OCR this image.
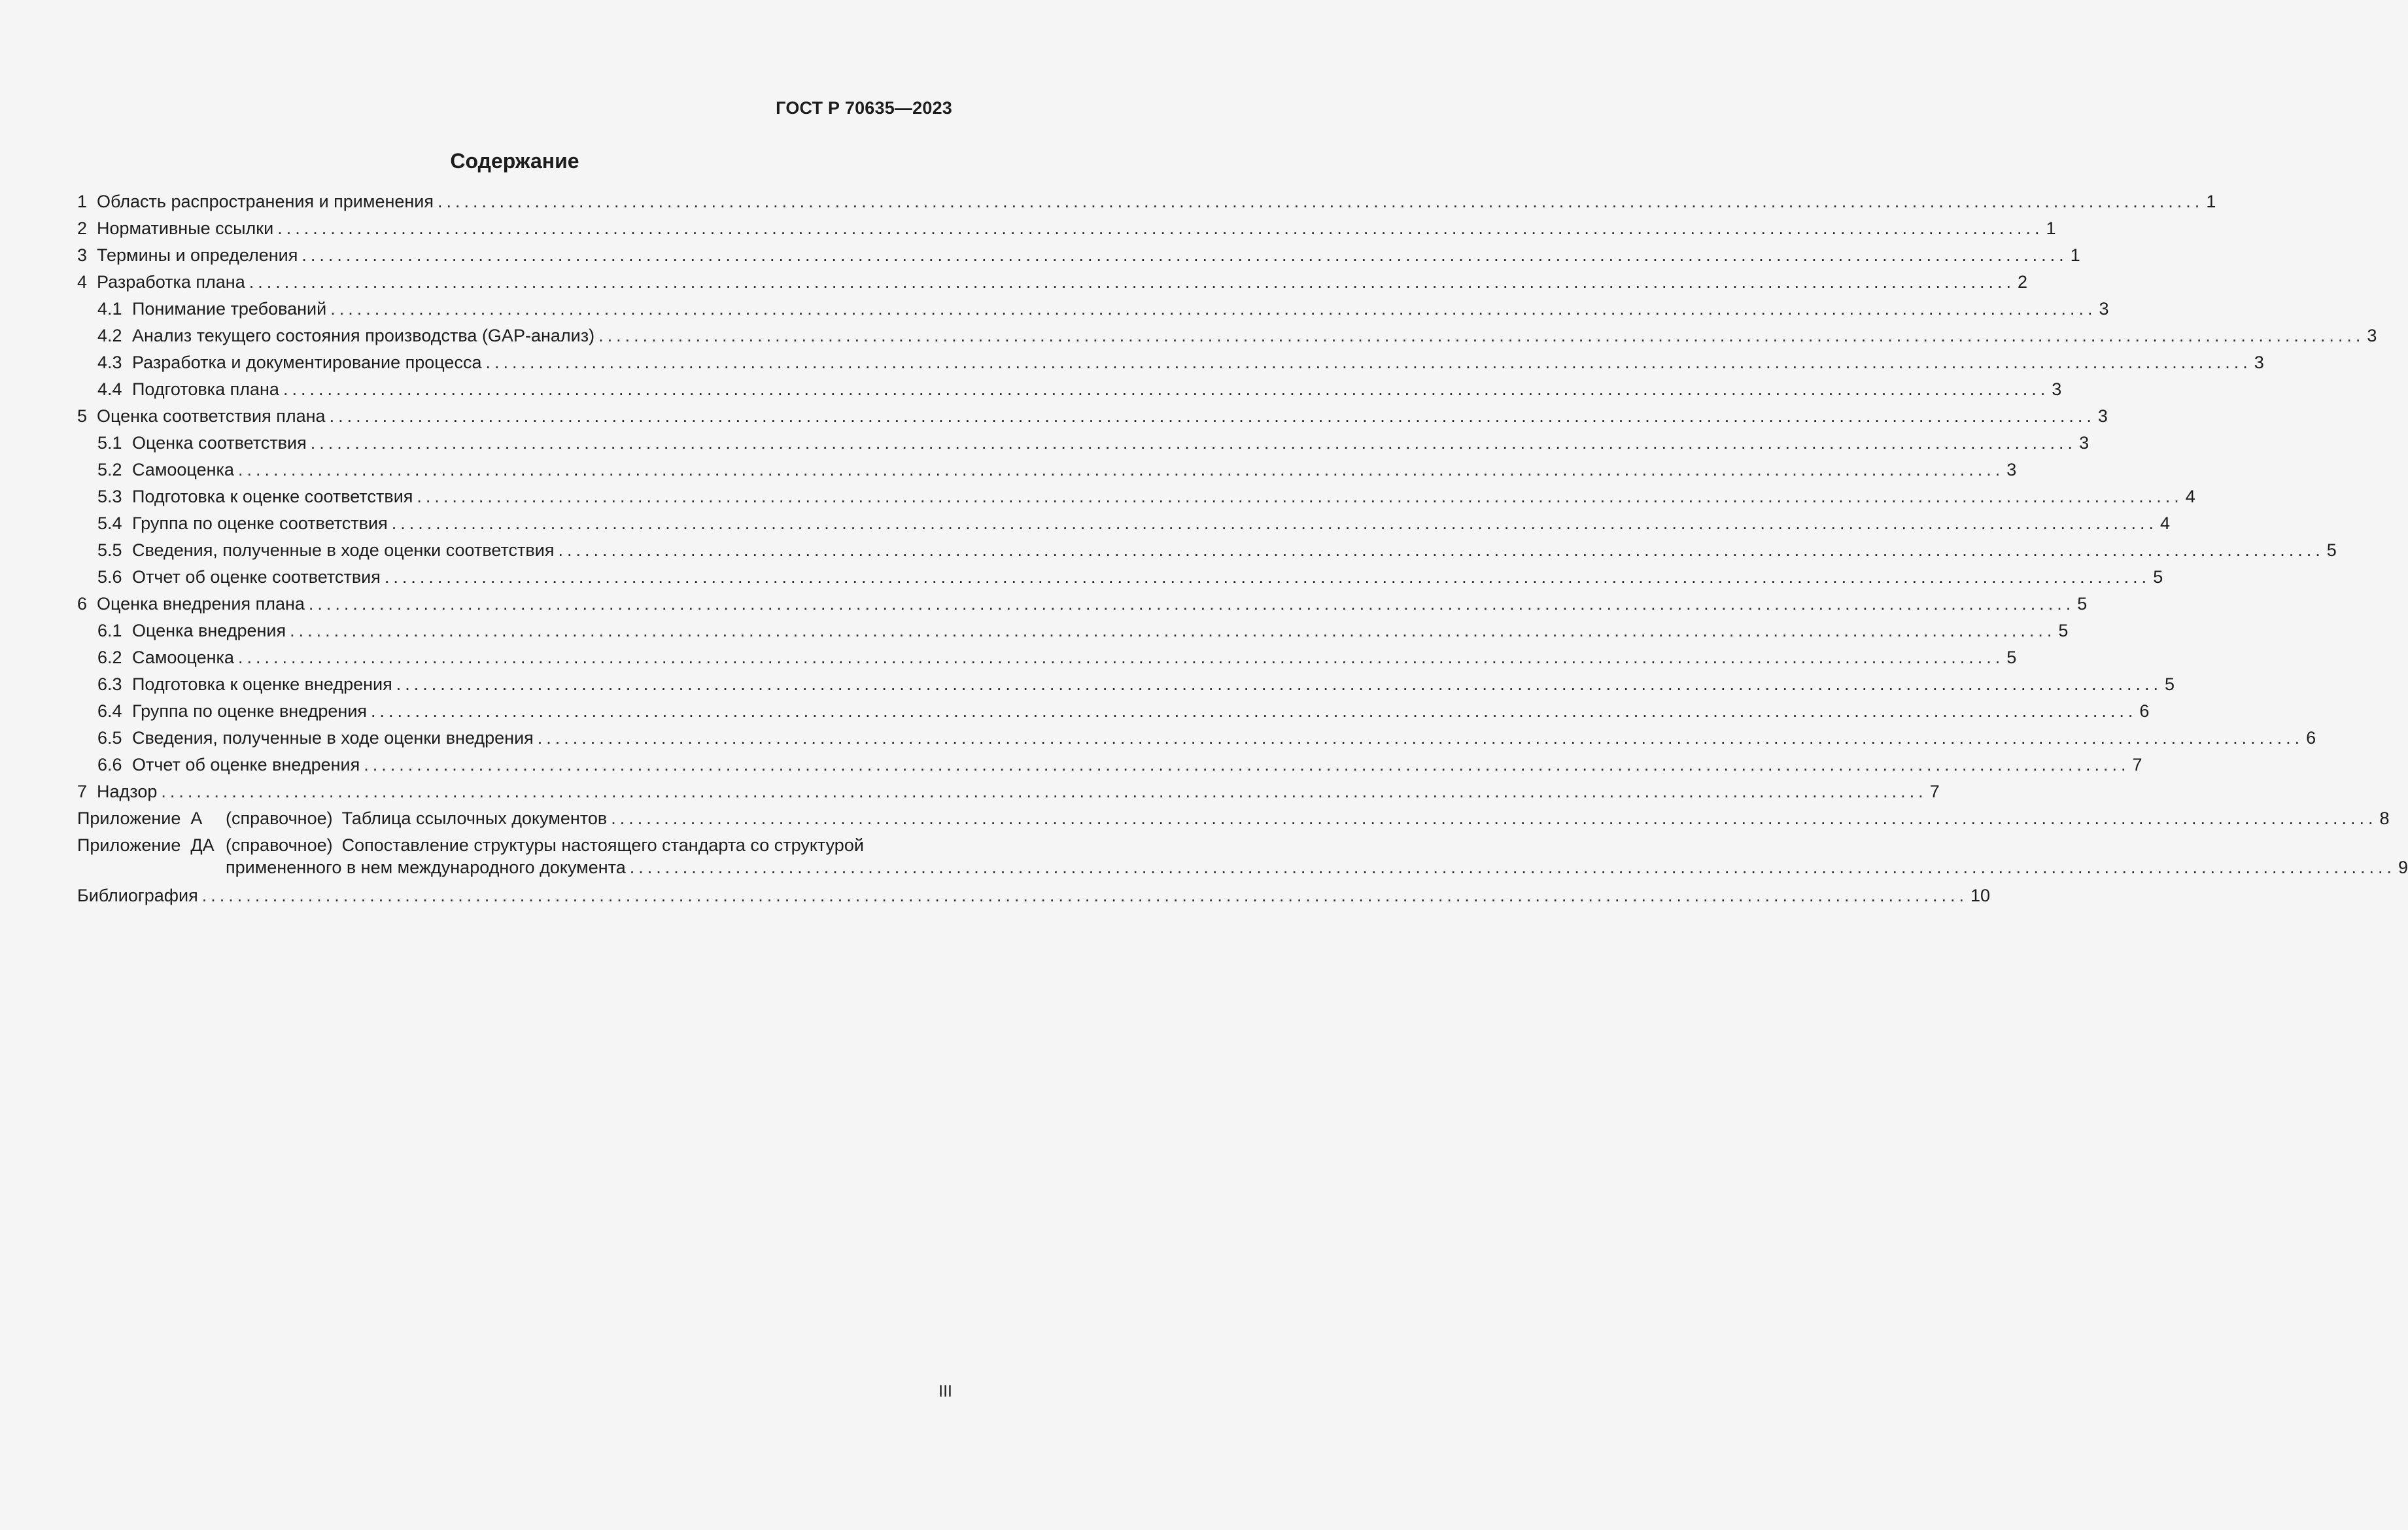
ГОСТ Р 70635—2023
Содержание
1 Область распространения и применения ........................................................................................................................................................................................................ 1
2 Нормативные ссылки ........................................................................................................................................................................................................ 1
3 Термины и определения ........................................................................................................................................................................................................ 1
4 Разработка плана ........................................................................................................................................................................................................ 2
4.1 Понимание требований ........................................................................................................................................................................................................ 3
4.2 Анализ текущего состояния производства (GAP-анализ) ........................................................................................................................................................................................................ 3
4.3 Разработка и документирование процесса ........................................................................................................................................................................................................ 3
4.4 Подготовка плана ........................................................................................................................................................................................................ 3
5 Оценка соответствия плана ........................................................................................................................................................................................................ 3
5.1 Оценка соответствия ........................................................................................................................................................................................................ 3
5.2 Самооценка ........................................................................................................................................................................................................ 3
5.3 Подготовка к оценке соответствия ........................................................................................................................................................................................................ 4
5.4 Группа по оценке соответствия ........................................................................................................................................................................................................ 4
5.5 Сведения, полученные в ходе оценки соответствия ........................................................................................................................................................................................................ 5
5.6 Отчет об оценке соответствия ........................................................................................................................................................................................................ 5
6 Оценка внедрения плана ........................................................................................................................................................................................................ 5
6.1 Оценка внедрения ........................................................................................................................................................................................................ 5
6.2 Самооценка ........................................................................................................................................................................................................ 5
6.3 Подготовка к оценке внедрения ........................................................................................................................................................................................................ 5
6.4 Группа по оценке внедрения ........................................................................................................................................................................................................ 6
6.5 Сведения, полученные в ходе оценки внедрения ........................................................................................................................................................................................................ 6
6.6 Отчет об оценке внедрения ........................................................................................................................................................................................................ 7
7 Надзор ........................................................................................................................................................................................................ 7
Приложение  А	(справочное) Таблица ссылочных документов ........................................................................................................................................................................................................ 8
Приложение  ДА (справочное) Сопоставление структуры настоящего стандарта со структурой
примененного в нем международного документа ........................................................................................................................................................................................................ 9
Библиография ........................................................................................................................................................................................................ 10
III
